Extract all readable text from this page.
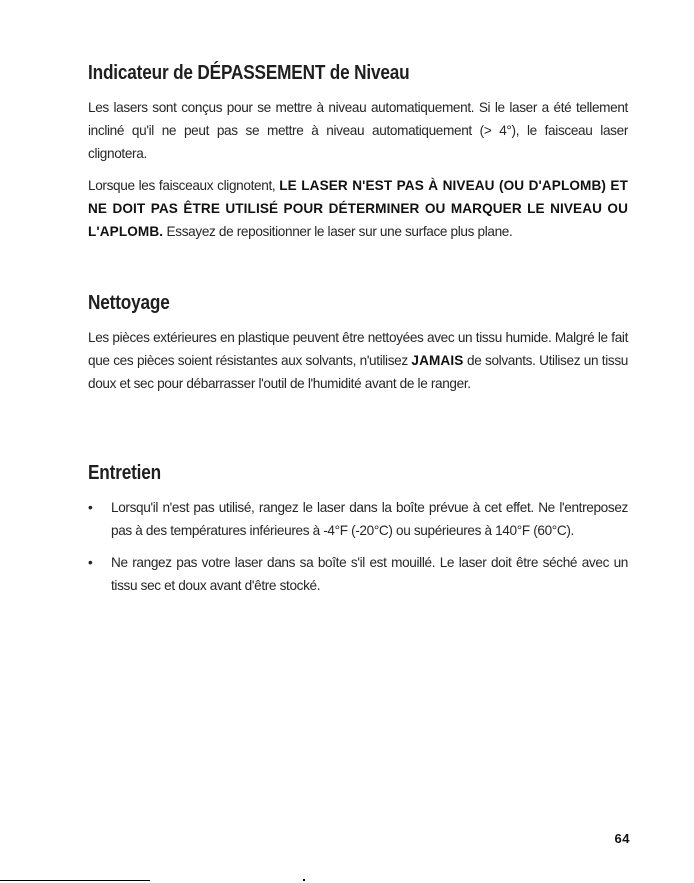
Indicateur de DÉPASSEMENT de Niveau

Les lasers sont conçus pour se mettre à niveau automatiquement. Si le laser a été tellement incliné qu'il ne peut pas se mettre à niveau automatiquement (> 4°), le faisceau laser clignotera.

Lorsque les faisceaux clignotent, LE LASER N'EST PAS À NIVEAU (OU D'APLOMB) ET NE DOIT PAS ÊTRE UTILISÉ POUR DÉTERMINER OU MARQUER LE NIVEAU OU L'APLOMB. Essayez de repositionner le laser sur une surface plus plane.

Nettoyage

Les pièces extérieures en plastique peuvent être nettoyées avec un tissu humide. Malgré le fait que ces pièces soient résistantes aux solvants, n'utilisez JAMAIS de solvants. Utilisez un tissu doux et sec pour débarrasser l'outil de l'humidité avant de le ranger.

Entretien
•	Lorsqu'il n'est pas utilisé, rangez le laser dans la boîte prévue à cet effet. Ne l'entreposez pas à des températures inférieures à -4°F (-20°C) ou supérieures à 140°F (60°C).
•	Ne rangez pas votre laser dans sa boîte s'il est mouillé. Le laser doit être séché avec un tissu sec et doux avant d'être stocké.
64
